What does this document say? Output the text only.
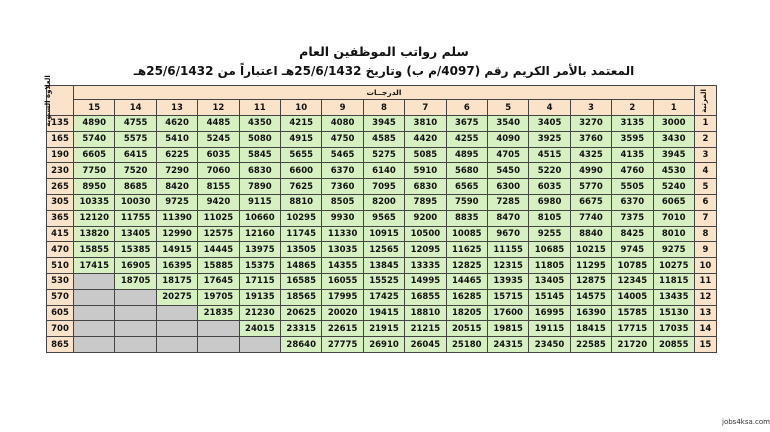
سلم رواتب الموظفين العام
المعتمد بالأمر الكريم رقم (4097/م ب) وتاريخ 25/6/1432هـ اعتباراً من 25/6/1432هـ
المرتبة	الدرجــات															العلاوة السنوية
	1	2	3	4	5	6	7	8	9	10	11	12	13	14	15	
1	3000	3135	3270	3405	3540	3675	3810	3945	4080	4215	4350	4485	4620	4755	4890	135
2	3430	3595	3760	3925	4090	4255	4420	4585	4750	4915	5080	5245	5410	5575	5740	165
3	3945	4135	4325	4515	4705	4895	5085	5275	5465	5655	5845	6035	6225	6415	6605	190
4	4530	4760	4990	5220	5450	5680	5910	6140	6370	6600	6830	7060	7290	7520	7750	230
5	5240	5505	5770	6035	6300	6565	6830	7095	7360	7625	7890	8155	8420	8685	8950	265
6	6065	6370	6675	6980	7285	7590	7895	8200	8505	8810	9115	9420	9725	10030	10335	305
7	7010	7375	7740	8105	8470	8835	9200	9565	9930	10295	10660	11025	11390	11755	12120	365
8	8010	8425	8840	9255	9670	10085	10500	10915	11330	11745	12160	12575	12990	13405	13820	415
9	9275	9745	10215	10685	11155	11625	12095	12565	13035	13505	13975	14445	14915	15385	15855	470
10	10275	10785	11295	11805	12315	12825	13335	13845	14355	14865	15375	15885	16395	16905	17415	510
11	11815	12345	12875	13405	13935	14465	14995	15525	16055	16585	17115	17645	18175	18705		530
12	13435	14005	14575	15145	15715	16285	16855	17425	17995	18565	19135	19705	20275			570
13	15130	15785	16390	16995	17600	18205	18810	19415	20020	20625	21230	21835				605
14	17035	17715	18415	19115	19815	20515	21215	21915	22615	23315	24015					700
15	20855	21720	22585	23450	24315	25180	26045	26910	27775	28640						865
jobs4ksa.com
